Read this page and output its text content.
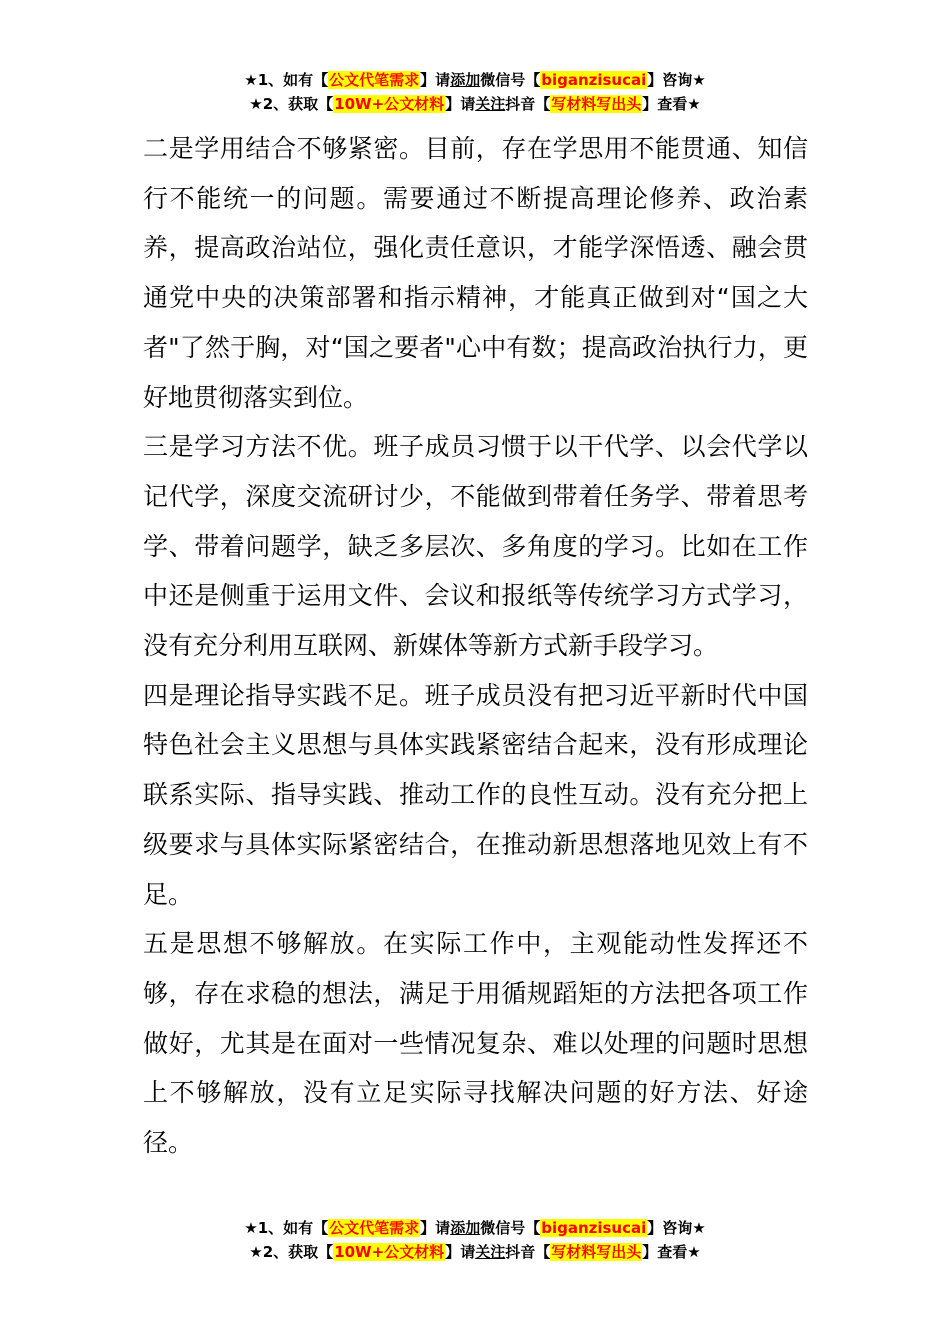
★1、如有【公文代笔需求】请添加微信号【biganzisucai】咨询★
★2、获取【10W+公文材料】请关注抖音【写材料写出头】查看★

二是学用结合不够紧密。目前，存在学思用不能贯通、知信行不能统一的问题。需要通过不断提高理论修养、政治素养，提高政治站位，强化责任意识，才能学深悟透、融会贯通党中央的决策部署和指示精神，才能真正做到对“国之大者"了然于胸，对“国之要者"心中有数；提高政治执行力，更好地贯彻落实到位。

三是学习方法不优。班子成员习惯于以干代学、以会代学以记代学，深度交流研讨少，不能做到带着任务学、带着思考学、带着问题学，缺乏多层次、多角度的学习。比如在工作中还是侧重于运用文件、会议和报纸等传统学习方式学习，没有充分利用互联网、新媒体等新方式新手段学习。

四是理论指导实践不足。班子成员没有把习近平新时代中国特色社会主义思想与具体实践紧密结合起来，没有形成理论联系实际、指导实践、推动工作的良性互动。没有充分把上级要求与具体实际紧密结合，在推动新思想落地见效上有不足。

五是思想不够解放。在实际工作中，主观能动性发挥还不够，存在求稳的想法，满足于用循规蹈矩的方法把各项工作做好，尤其是在面对一些情况复杂、难以处理的问题时思想上不够解放，没有立足实际寻找解决问题的好方法、好途径。

★1、如有【公文代笔需求】请添加微信号【biganzisucai】咨询★
★2、获取【10W+公文材料】请关注抖音【写材料写出头】查看★
